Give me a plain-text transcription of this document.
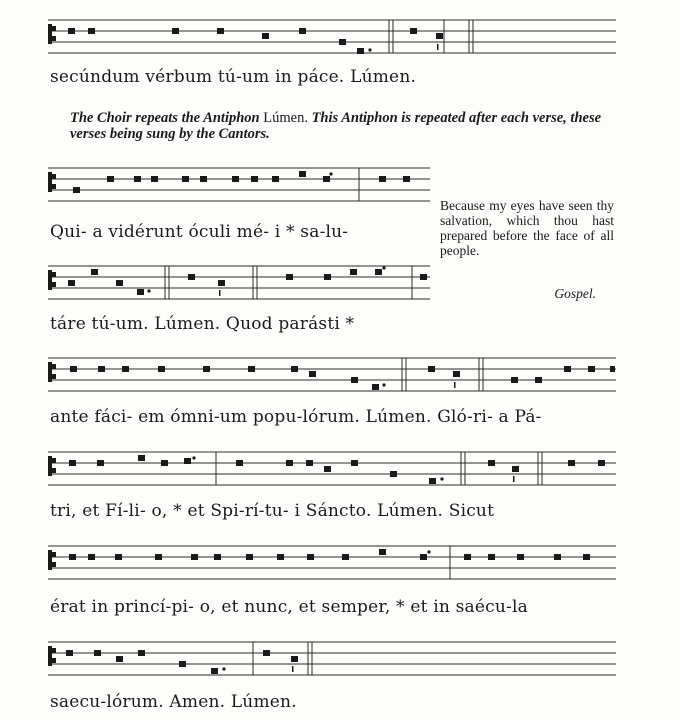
secúndum vérbum tú-um in páce. Lúmen.
The Choir repeats the Antiphon Lúmen. This Antiphon is repeated after each verse, these verses being sung by the Cantors.
Qui- a vidérunt óculi mé- i * sa-lu-
Because my eyes have seen thy salvation, which thou hast prepared before the face of all people.
Gospel.
táre tú-um. Lúmen. Quod parásti *
ante fáci- em ómni-um popu-lórum. Lúmen. Gló-ri- a Pá-
tri, et Fí-li- o, * et Spi-rí-tu- i Sáncto. Lúmen. Sicut
érat in princí-pi- o, et nunc, et semper, * et in saécu-la
saecu-lórum. Amen. Lúmen.
